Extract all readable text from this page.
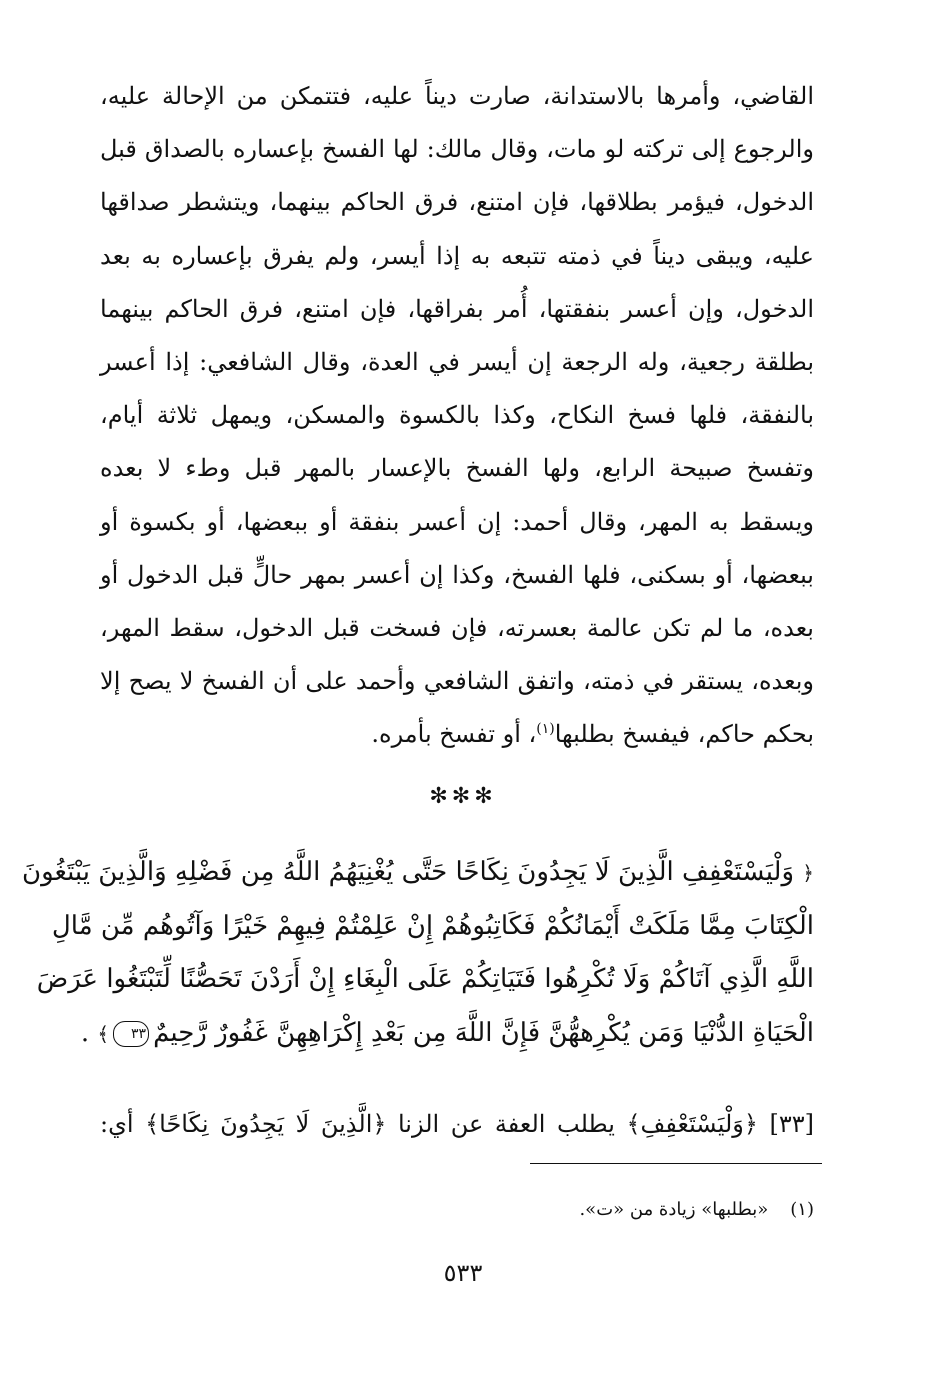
القاضي، وأمرها بالاستدانة، صارت ديناً عليه، فتتمكن من الإحالة عليه،
والرجوع إلى تركته لو مات، وقال مالك: لها الفسخ بإعساره بالصداق قبل
الدخول، فيؤمر بطلاقها، فإن امتنع، فرق الحاكم بينهما، ويتشطر صداقها
عليه، ويبقى ديناً في ذمته تتبعه به إذا أيسر، ولم يفرق بإعساره به بعد
الدخول، وإن أعسر بنفقتها، أُمر بفراقها، فإن امتنع، فرق الحاكم بينهما
بطلقة رجعية، وله الرجعة إن أيسر في العدة، وقال الشافعي: إذا أعسر
بالنفقة، فلها فسخ النكاح، وكذا بالكسوة والمسكن، ويمهل ثلاثة أيام،
وتفسخ صبيحة الرابع، ولها الفسخ بالإعسار بالمهر قبل وطء لا بعده
ويسقط به المهر، وقال أحمد: إن أعسر بنفقة أو ببعضها، أو بكسوة أو
ببعضها، أو بسكنى، فلها الفسخ، وكذا إن أعسر بمهر حالٍّ قبل الدخول أو
بعده، ما لم تكن عالمة بعسرته، فإن فسخت قبل الدخول، سقط المهر،
وبعده، يستقر في ذمته، واتفق الشافعي وأحمد على أن الفسخ لا يصح إلا
بحكم حاكم، فيفسخ بطلبها$^{(١)}$، أو تفسخ بأمره.
✻✻✻
﴿ وَلْيَسْتَعْفِفِ الَّذِينَ لَا يَجِدُونَ نِكَاحًا حَتَّى يُغْنِيَهُمُ اللَّهُ مِن فَضْلِهِ وَالَّذِينَ يَبْتَغُونَ
الْكِتَابَ مِمَّا مَلَكَتْ أَيْمَانُكُمْ فَكَاتِبُوهُمْ إِنْ عَلِمْتُمْ فِيهِمْ خَيْرًا وَآتُوهُم مِّن مَّالِ
اللَّهِ الَّذِي آتَاكُمْ وَلَا تُكْرِهُوا فَتَيَاتِكُمْ عَلَى الْبِغَاءِ إِنْ أَرَدْنَ تَحَصُّنًا لِّتَبْتَغُوا عَرَضَ
الْحَيَاةِ الدُّنْيَا وَمَن يُكْرِههُّنَّ فَإِنَّ اللَّهَ مِن بَعْدِ إِكْرَاهِهِنَّ غَفُورٌ رَّحِيمٌ٣٣﴾ .
[٣٣] ﴿وَلْيَسْتَعْفِفِ﴾ يطلب العفة عن الزنا ﴿الَّذِينَ لَا يَجِدُونَ نِكَاحًا﴾ أي:
(١)«بطلبها» زيادة من «ت».
٥٣٣
